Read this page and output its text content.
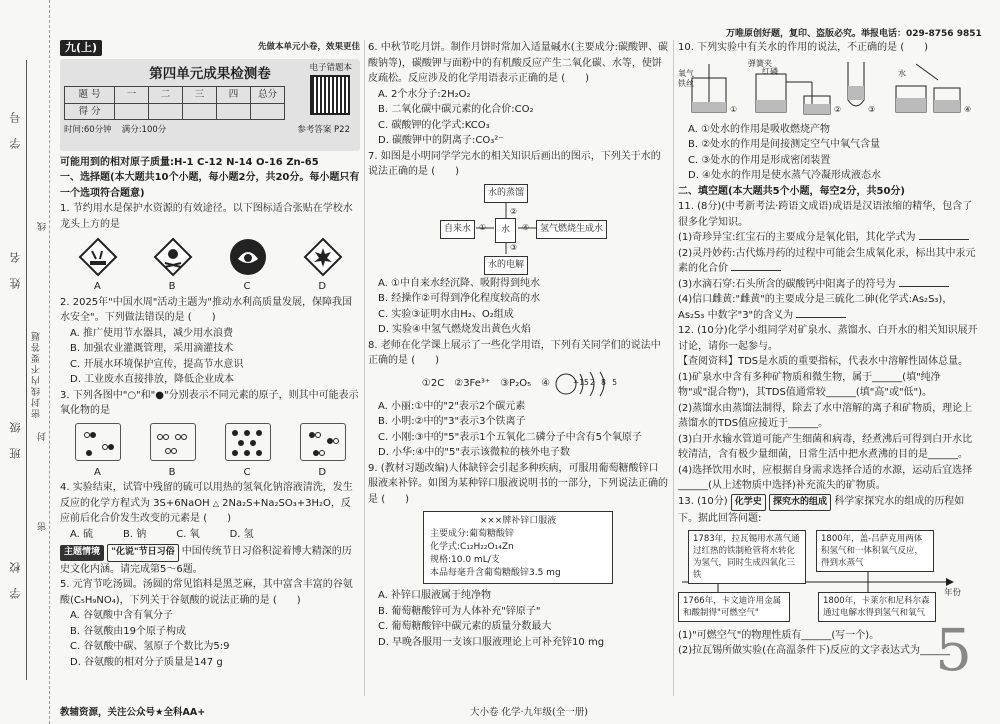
学　号
姓　名
班　级
学　校
密封线内不要答题
线
封
密
万唯原创好题，复印、盗版必究。举报电话：029-8756 9851
九(上)	先做本单元小卷，效果更佳
第四单元成果检测卷
题 号	一	二	三	四	总分
得 分					
电子错题本
时间:60分钟 满分:100分	参考答案 P22
可能用到的相对原子质量:H-1 C-12 N-14 O-16 Zn-65
一、选择题(本大题共10个小题，每小题2分，共20分。每小题只有一个选项符合题意)
1. 节约用水是保护水资源的有效途径。以下图标适合张贴在学校水龙头上方的是
A	B	C	D
2. 2025年"中国水周"活动主题为"推动水利高质量发展，保障我国水安全"。下列做法错误的是 (　　)
A. 推广使用节水器具，减少用水浪费
B. 加强农业灌溉管理，采用滴灌技术
C. 开展水环境保护宣传，提高节水意识
D. 工业废水直接排放，降低企业成本
3. 下列各图中"○"和"●"分别表示不同元素的原子，则其中可能表示氧化物的是
A	B	C	D
4. 实验结束，试管中残留的硫可以用热的氢氧化钠溶液清洗，发生反应的化学方程式为 3S+6NaOH △ 2Na₂S+Na₂SO₃+3H₂O，反应前后化合价发生改变的元素是 (　　)
A. 硫　　　B. 钠　　　C. 氧　　　D. 氢
主题情境 "化说"节日习俗 中国传统节日习俗积淀着博大精深的历史文化内涵。请完成第5～6题。
5. 元宵节吃汤圆。汤圆的常见馅料是黑芝麻，其中富含丰富的谷氨酸(C₅H₉NO₄)，下列关于谷氨酸的说法正确的是 (　　)
A. 谷氨酸中含有氧分子
B. 谷氨酸由19个原子构成
C. 谷氨酸中碳、氢原子个数比为5:9
D. 谷氨酸的相对分子质量是147 g
6. 中秋节吃月饼。制作月饼时常加入适量碱水(主要成分:碳酸钾、碳酸钠等)，碳酸钾与面粉中的有机酸反应产生二氧化碳、水等，使饼皮疏松。反应涉及的化学用语表示正确的是 (　　)
A. 2个水分子:2H₂O₂
B. 二氧化碳中碳元素的化合价:CO₂
C. 碳酸钾的化学式:KCO₃
D. 碳酸钾中的阴离子:CO₃²⁻
7. 如图是小明同学学完水的相关知识后画出的图示，下列关于水的说法正确的是 (　　)
水的蒸馏
自来水	水	氢气燃烧生成水
水的电解
①
②
③
④
A. ①中自来水经沉降、吸附得到纯水
B. 经操作②可得到净化程度较高的水
C. 实验③证明水由H₂、O₂组成
D. 实验④中氢气燃烧发出黄色火焰
8. 老师在化学课上展示了一些化学用语，下列有关同学们的说法中正确的是 (　　)
①2C　②3Fe³⁺　③P₂O₅　④	+15 2 8 5
A. 小丽:①中的"2"表示2个碳元素
B. 小明:②中的"3"表示3个铁离子
C. 小刚:③中的"5"表示1个五氧化二磷分子中含有5个氧原子
D. 小华:④中的"5"表示该微粒的核外电子数
9. (教材习题改编)人体缺锌会引起多种疾病，可服用葡萄糖酸锌口服液来补锌。如图为某种锌口服液说明书的一部分，下列说法正确的是 (　　)
×××牌补锌口服液
主要成分:葡萄糖酸锌
化学式:C₁₂H₂₂O₁₄Zn
规格:10.0 mL/支
本品每毫升含葡萄糖酸锌3.5 mg
A. 补锌口服液属于纯净物
B. 葡萄糖酸锌可为人体补充"锌原子"
C. 葡萄糖酸锌中碳元素的质量分数最大
D. 早晚各服用一支该口服液理论上可补充锌10 mg
10. 下列实验中有关水的作用的说法，不正确的是 (　　)
弹簧夹
氧气
铁丝
红磷	水
①	②	③	④
A. ①处水的作用是吸收燃烧产物
B. ②处水的作用是间接测定空气中氧气含量
C. ③处水的作用是形成密闭装置
D. ④处水的作用是使水蒸气冷凝形成液态水
二、填空题(本大题共5个小题，每空2分，共50分)
11. (8分)(中考新考法·跨语文成语)成语是汉语浓缩的精华，包含了很多化学知识。
(1)奇珍异宝:红宝石的主要成分是氧化铝，其化学式为
(2)灵丹妙药:古代炼丹药的过程中可能会生成氧化汞，标出其中汞元素的化合价
(3)水滴石穿:石头所含的碳酸钙中阳离子的符号为
(4)信口雌黄:"雌黄"的主要成分是三硫化二砷(化学式:As₂S₃)，As₂S₃ 中数字"3"的含义为
12. (10分)化学小组同学对矿泉水、蒸馏水、白开水的相关知识展开讨论，请你一起参与。
【查阅资料】TDS是水质的重要指标，代表水中溶解性固体总量。
(1)矿泉水中含有多种矿物质和微生物，属于______(填"纯净物"或"混合物")，其TDS值通常较______(填"高"或"低")。
(2)蒸馏水由蒸馏法制得，除去了水中溶解的离子和矿物质，理论上蒸馏水的TDS值应接近于______。
(3)白开水输水管道可能产生细菌和病毒，经煮沸后可得到白开水比较清洁，含有极少量细菌，日常生活中把水煮沸的目的是______。
(4)选择饮用水时，应根据自身需求选择合适的水源，运动后宜选择______(从上述物质中选择)补充流失的矿物质。
13. (10分) 化学史 探究水的组成 科学家探究水的组成的历程如下。据此回答问题:
1783年，拉瓦锡用水蒸气通过红热的铁制枪管将水转化为氢气，同时生成四氧化三铁
1800年，盖-吕萨克用两体积氢气和一体积氧气反应，得到水蒸气
1766年，卡文迪许用金属和酸制得"可燃空气"
1800年，卡莱尔和尼科尔森通过电解水得到氢气和氧气
年份
(1)"可燃空气"的物理性质有______(写一个)。
(2)拉瓦锡所做实验(在高温条件下)反应的文字表达式为______
5
教辅资源，关注公众号★全科AA+	大小卷 化学·九年级(全一册)
